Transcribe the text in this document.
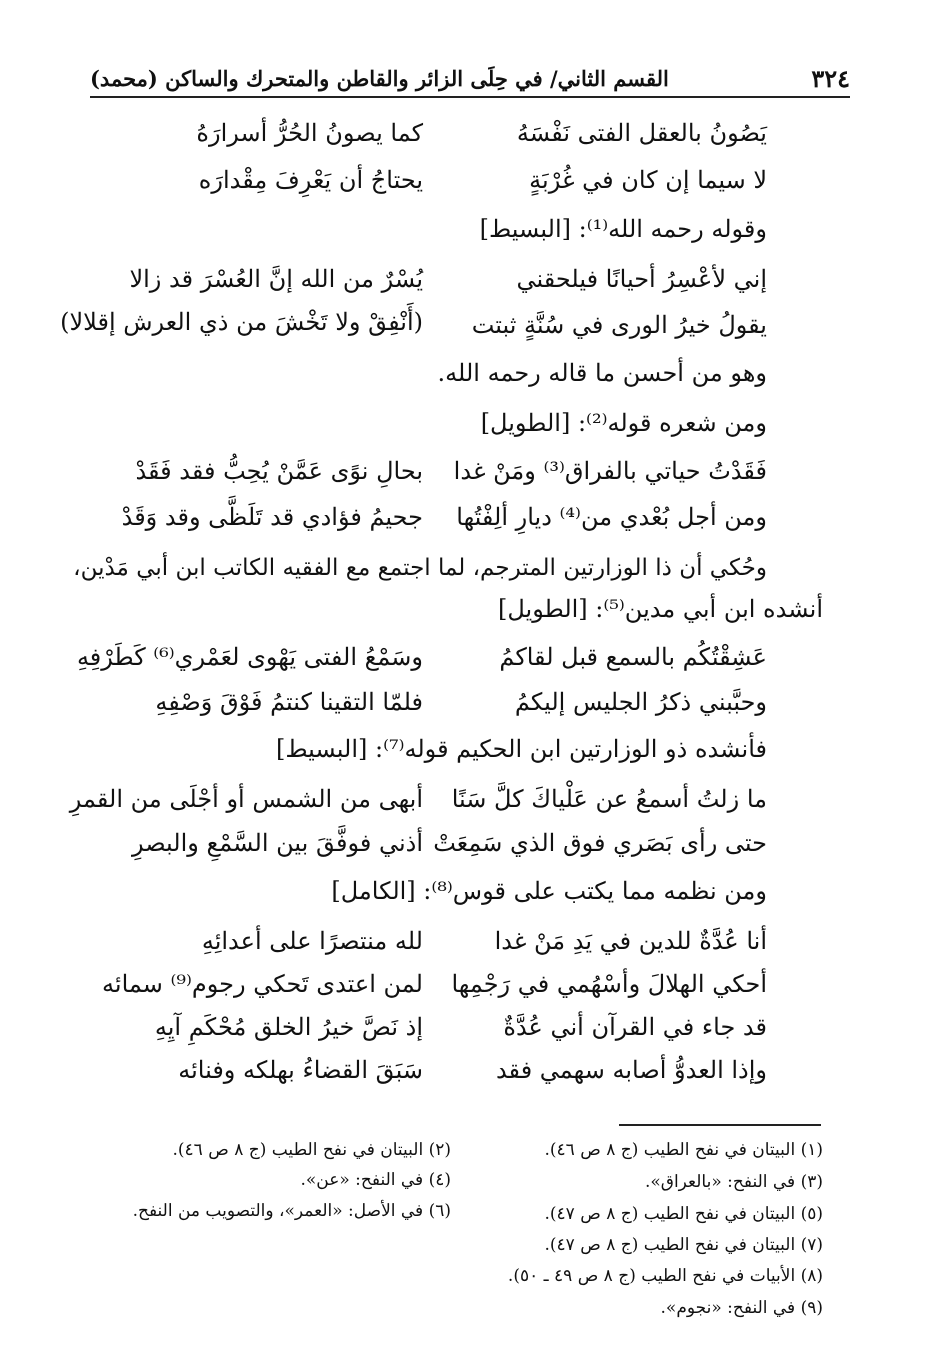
٣٢٤
القسم الثاني/ في حِلَى الزائر والقاطن والمتحرك والساكن (محمد)
يَصُونُ بالعقل الفتى نَفْسَهُ
كما يصونُ الحُرُّ أسرارَهُ
لا سيما إن كان في غُرْبَةٍ
يحتاجُ أن يَعْرِفَ مِقْدارَه
وقوله رحمه الله⁽¹⁾: [البسيط]
إني لأعْسِرُ أحيانًا فيلحقني
يُسْرٌ من الله إنَّ العُسْرَ قد زالا
يقولُ خيرُ الورى في سُنَّةٍ ثبتت
(أَنْفِقْ ولا تَخْشَ من ذي العرش إقلالا)
وهو من أحسن ما قاله رحمه الله.
ومن شعره قوله⁽²⁾: [الطويل]
فَقَدْتُ حياتي بالفراق⁽³⁾ ومَنْ غدا
بحالِ نوًى عَمَّنْ يُحِبُّ فقد فَقَدْ
ومن أجل بُعْدي من⁽⁴⁾ ديارِ ألِفْتُها
جحيمُ فؤادي قد تَلَظَّى وقد وَقَدْ
وحُكي أن ذا الوزارتين المترجم، لما اجتمع مع الفقيه الكاتب ابن أبي مَدْين،
أنشده ابن أبي مدين⁽⁵⁾: [الطويل]
عَشِقْتُكُم بالسمع قبل لقاكمُ
وسَمْعُ الفتى يَهْوى لعَمْري⁽⁶⁾ كَطَرْفِهِ
وحبَّبني ذكرُ الجليس إليكمُ
فلمّا التقينا كنتمُ فَوْقَ وَصْفِهِ
فأنشده ذو الوزارتين ابن الحكيم قوله⁽⁷⁾: [البسيط]
ما زلتُ أسمعُ عن عَلْياكَ كلَّ سَنًا
أبهى من الشمس أو أجْلَى من القمرِ
حتى رأى بَصَري فوق الذي سَمِعَتْ
أذني فوفَّقَ بين السَّمْعِ والبصرِ
ومن نظمه مما يكتب على قوس⁽⁸⁾: [الكامل]
أنا عُدَّةٌ للدين في يَدِ مَنْ غدا
لله منتصرًا على أعدائِهِ
أحكي الهلالَ وأسْهُمي في رَجْمِها
لمن اعتدى تَحكي رجوم⁽⁹⁾ سمائه
قد جاء في القرآن أني عُدَّةٌ
إذ نَصَّ خيرُ الخلق مُحْكَمِ آيِهِ
وإذا العدوُّ أصابه سهمي فقد
سَبَقَ القضاءُ بهلكه وفنائه
(١) البيتان في نفح الطيب (ج ٨ ص ٤٦).
(٢) البيتان في نفح الطيب (ج ٨ ص ٤٦).
(٣) في النفح: «بالعراق».
(٤) في النفح: «عن».
(٥) البيتان في نفح الطيب (ج ٨ ص ٤٧).
(٦) في الأصل: «العمر»، والتصويب من النفح.
(٧) البيتان في نفح الطيب (ج ٨ ص ٤٧).
(٨) الأبيات في نفح الطيب (ج ٨ ص ٤٩ ـ ٥٠).
(٩) في النفح: «نجوم».
